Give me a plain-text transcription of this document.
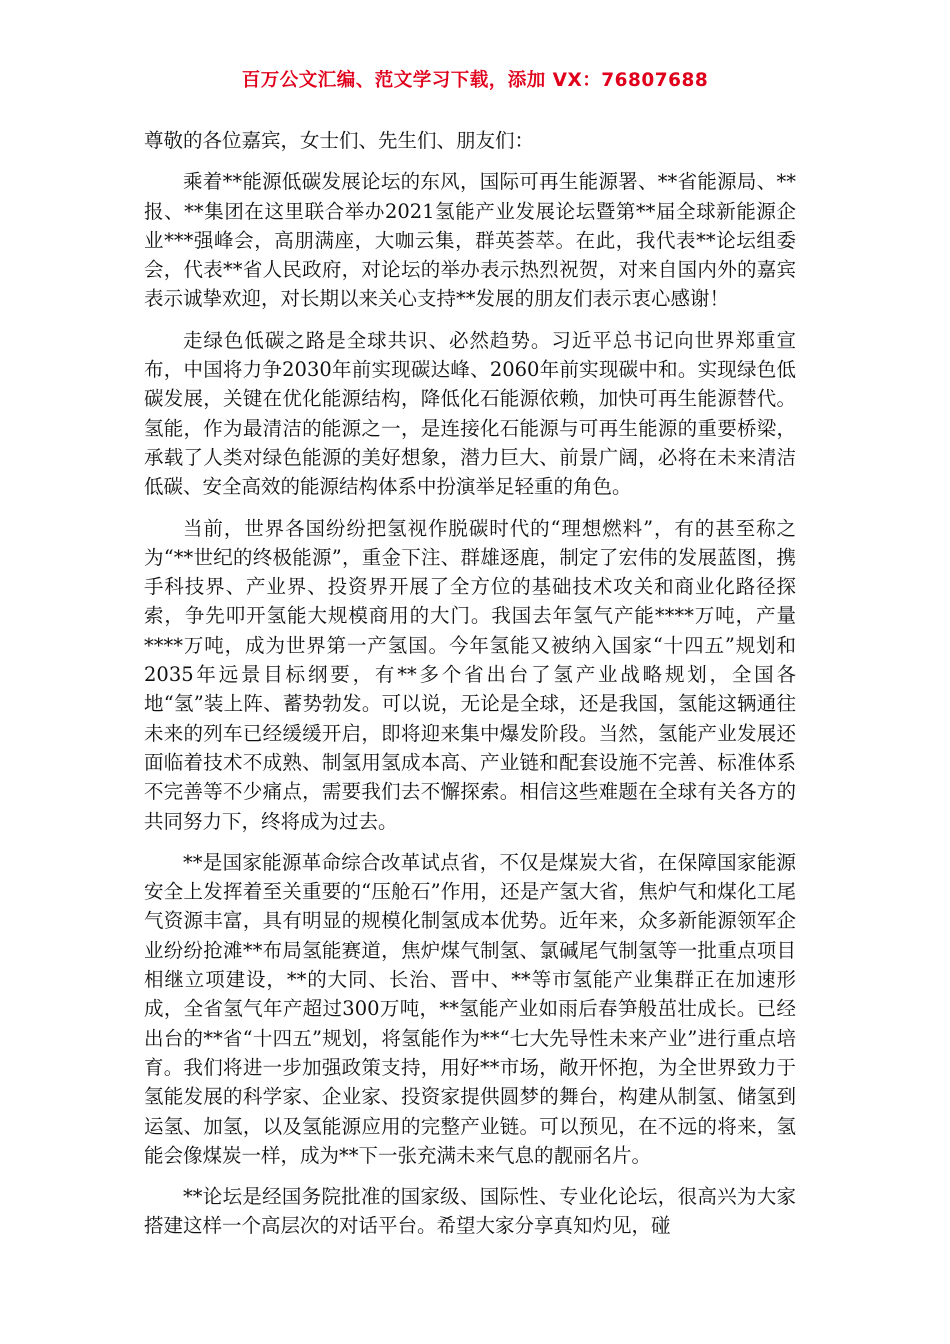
百万公文汇编、范文学习下载，添加 VX：76807688

尊敬的各位嘉宾，女士们、先生们、朋友们：

乘着**能源低碳发展论坛的东风，国际可再生能源署、**省能源局、**报、**集团在这里联合举办2021氢能产业发展论坛暨第**届全球新能源企业***强峰会，高朋满座，大咖云集，群英荟萃。在此，我代表**论坛组委会，代表**省人民政府，对论坛的举办表示热烈祝贺，对来自国内外的嘉宾表示诚挚欢迎，对长期以来关心支持**发展的朋友们表示衷心感谢！

走绿色低碳之路是全球共识、必然趋势。习近平总书记向世界郑重宣布，中国将力争2030年前实现碳达峰、2060年前实现碳中和。实现绿色低碳发展，关键在优化能源结构，降低化石能源依赖，加快可再生能源替代。氢能，作为最清洁的能源之一，是连接化石能源与可再生能源的重要桥梁，承载了人类对绿色能源的美好想象，潜力巨大、前景广阔，必将在未来清洁低碳、安全高效的能源结构体系中扮演举足轻重的角色。

当前，世界各国纷纷把氢视作脱碳时代的“理想燃料”，有的甚至称之为“**世纪的终极能源”，重金下注、群雄逐鹿，制定了宏伟的发展蓝图，携手科技界、产业界、投资界开展了全方位的基础技术攻关和商业化路径探索，争先叩开氢能大规模商用的大门。我国去年氢气产能****万吨，产量****万吨，成为世界第一产氢国。今年氢能又被纳入国家“十四五”规划和2035年远景目标纲要，有**多个省出台了氢产业战略规划，全国各地“氢”装上阵、蓄势勃发。可以说，无论是全球，还是我国，氢能这辆通往未来的列车已经缓缓开启，即将迎来集中爆发阶段。当然，氢能产业发展还面临着技术不成熟、制氢用氢成本高、产业链和配套设施不完善、标准体系不完善等不少痛点，需要我们去不懈探索。相信这些难题在全球有关各方的共同努力下，终将成为过去。

**是国家能源革命综合改革试点省，不仅是煤炭大省，在保障国家能源安全上发挥着至关重要的“压舱石”作用，还是产氢大省，焦炉气和煤化工尾气资源丰富，具有明显的规模化制氢成本优势。近年来，众多新能源领军企业纷纷抢滩**布局氢能赛道，焦炉煤气制氢、氯碱尾气制氢等一批重点项目相继立项建设，**的大同、长治、晋中、**等市氢能产业集群正在加速形成，全省氢气年产超过300万吨，**氢能产业如雨后春笋般茁壮成长。已经出台的**省“十四五”规划，将氢能作为**“七大先导性未来产业”进行重点培育。我们将进一步加强政策支持，用好**市场，敞开怀抱，为全世界致力于氢能发展的科学家、企业家、投资家提供圆梦的舞台，构建从制氢、储氢到运氢、加氢，以及氢能源应用的完整产业链。可以预见，在不远的将来，氢能会像煤炭一样，成为**下一张充满未来气息的靓丽名片。

**论坛是经国务院批准的国家级、国际性、专业化论坛，很高兴为大家搭建这样一个高层次的对话平台。希望大家分享真知灼见，碰
